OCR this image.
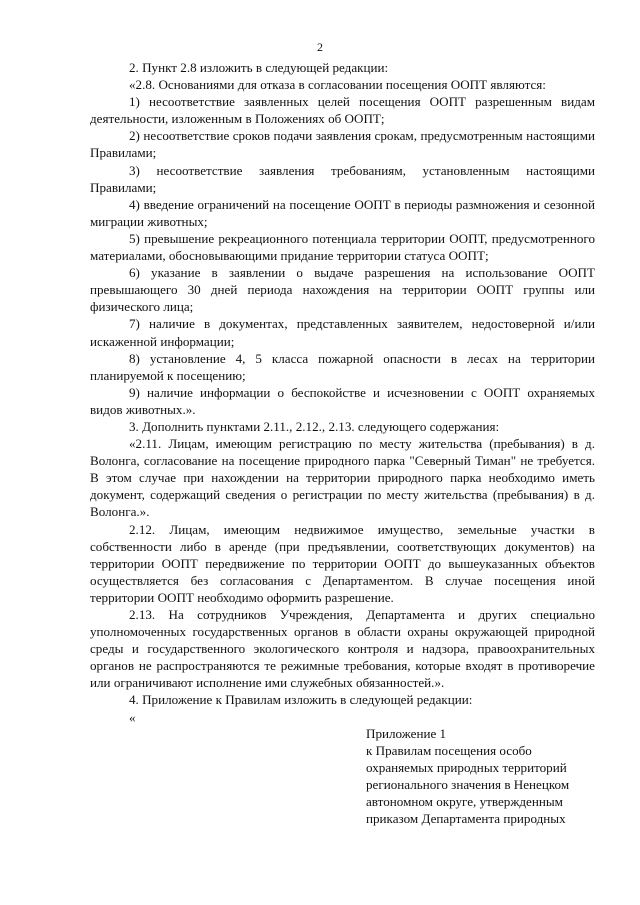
2

2. Пункт 2.8 изложить в следующей редакции:

«2.8. Основаниями для отказа в согласовании посещения ООПТ являются:

1) несоответствие заявленных целей посещения ООПТ разрешенным видам деятельности, изложенным в Положениях об ООПТ;

2) несоответствие сроков подачи заявления срокам, предусмотренным настоящими Правилами;

3) несоответствие заявления требованиям, установленным настоящими Правилами;

4) введение ограничений на посещение ООПТ в периоды размножения и сезонной миграции животных;

5) превышение рекреационного потенциала территории ООПТ, предусмотренного материалами, обосновывающими придание территории статуса ООПТ;

6) указание в заявлении о выдаче разрешения на использование ООПТ превышающего 30 дней периода нахождения на территории ООПТ группы или физического лица;

7) наличие в документах, представленных заявителем, недостоверной и/или искаженной информации;

8) установление 4, 5 класса пожарной опасности в лесах на территории планируемой к посещению;

9) наличие информации о беспокойстве и исчезновении с ООПТ охраняемых видов животных.».

3. Дополнить пунктами 2.11., 2.12., 2.13. следующего содержания:

«2.11. Лицам, имеющим регистрацию по месту жительства (пребывания) в д. Волонга, согласование на посещение природного парка "Северный Тиман" не требуется. В этом случае при нахождении на территории природного парка необходимо иметь документ, содержащий сведения о регистрации по месту жительства (пребывания) в д. Волонга.».

2.12. Лицам, имеющим недвижимое имущество, земельные участки в собственности либо в аренде (при предъявлении, соответствующих документов) на территории ООПТ передвижение по территории ООПТ до вышеуказанных объектов осуществляется без согласования с Департаментом. В случае посещения иной территории ООПТ необходимо оформить разрешение.

2.13. На сотрудников Учреждения, Департамента и других специально уполномоченных государственных органов в области охраны окружающей природной среды и государственного экологического контроля и надзора, правоохранительных органов не распространяются те режимные требования, которые входят в противоречие или ограничивают исполнение ими служебных обязанностей.».

4. Приложение к Правилам изложить в следующей редакции:

«

Приложение 1
к Правилам посещения особо
охраняемых природных территорий
регионального значения в Ненецком
автономном округе, утвержденным
приказом Департамента природных
